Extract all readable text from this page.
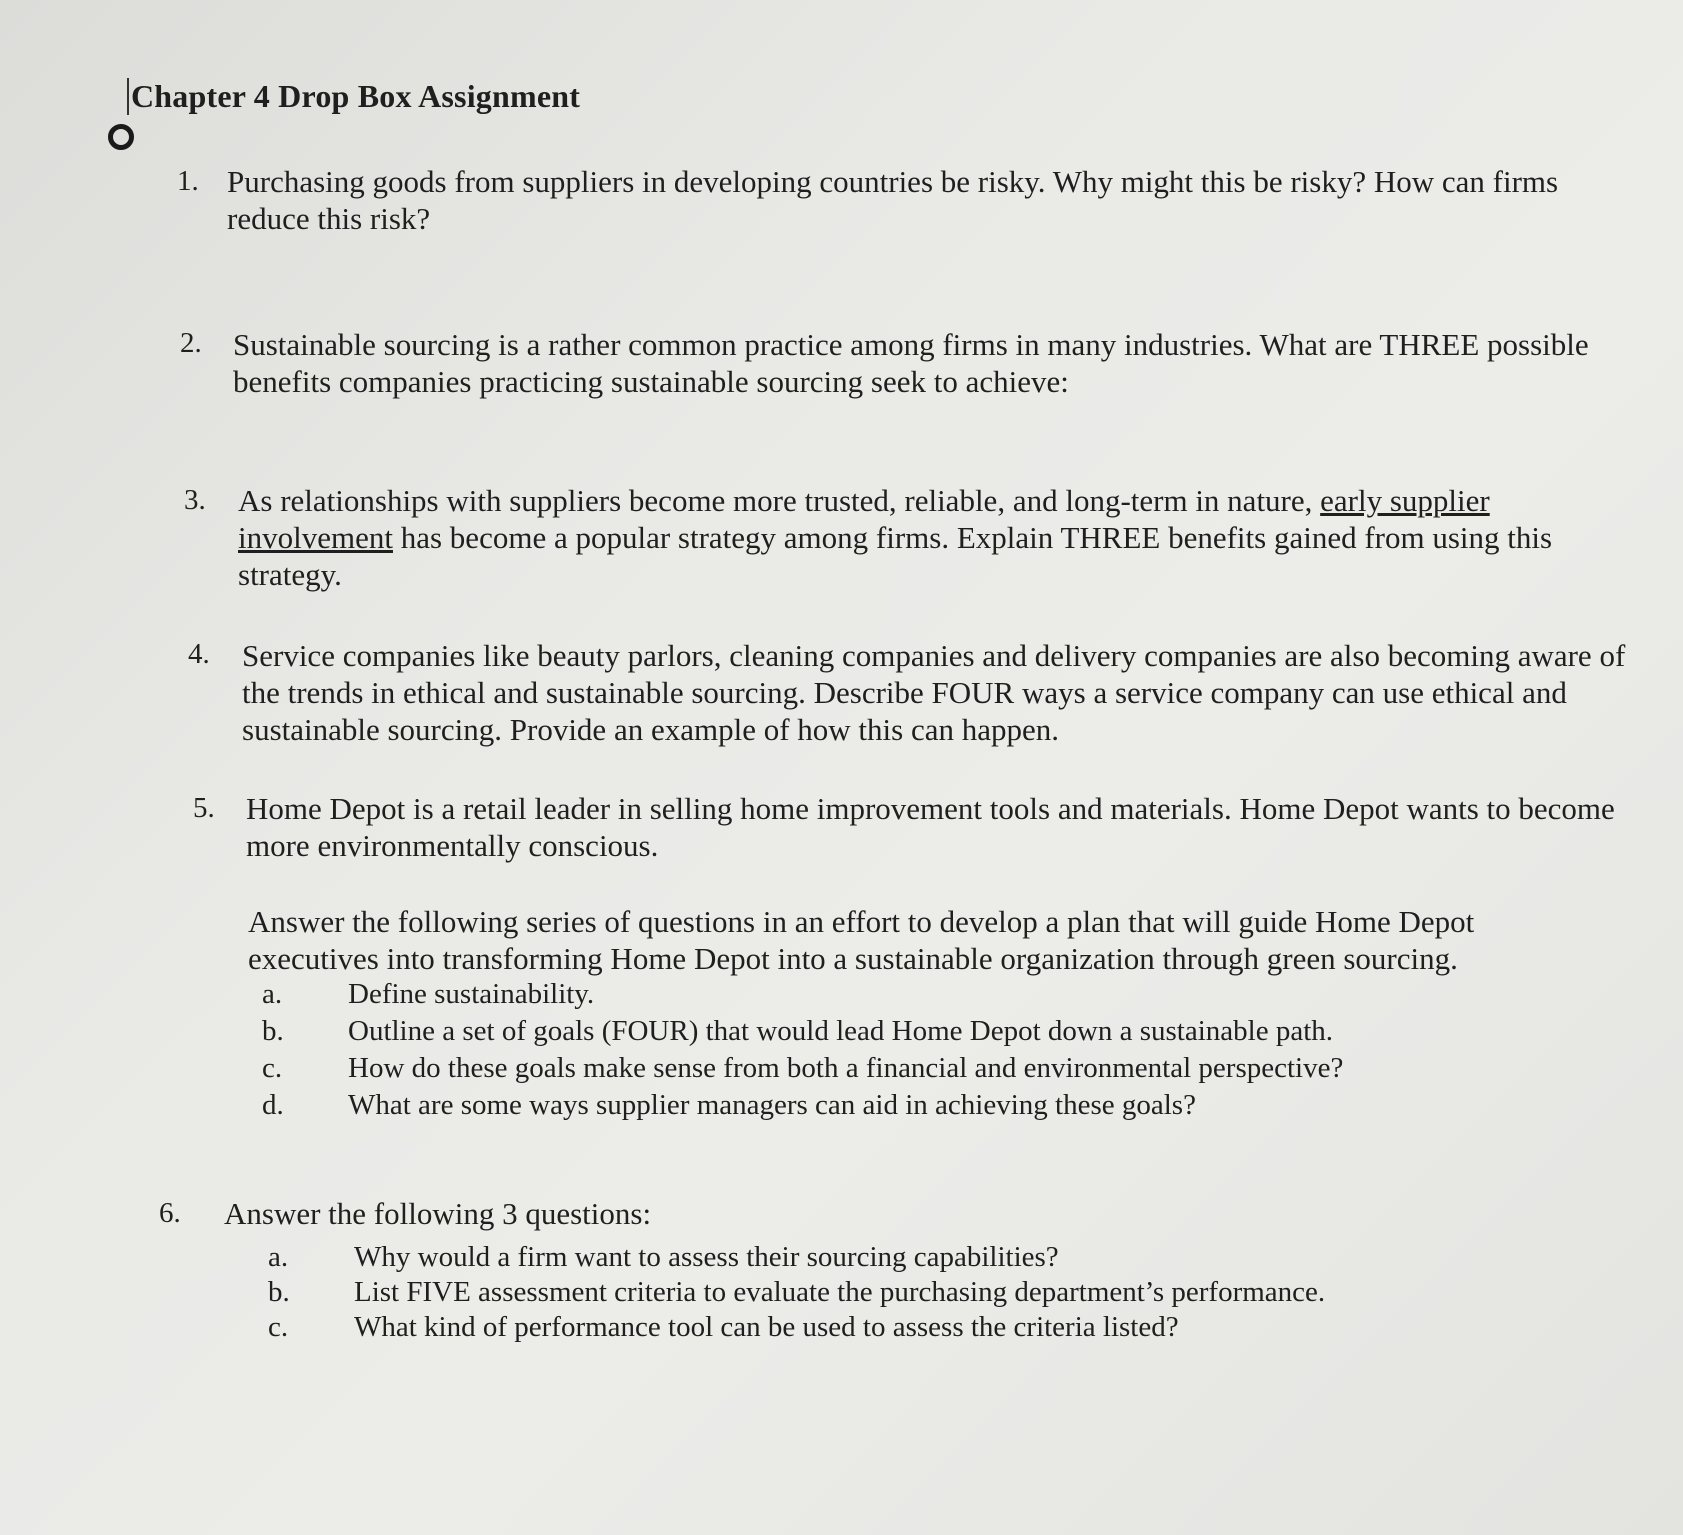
Chapter 4 Drop Box Assignment
1. Purchasing goods from suppliers in developing countries be risky. Why might this be risky? How can firms reduce this risk?
2. Sustainable sourcing is a rather common practice among firms in many industries. What are THREE possible benefits companies practicing sustainable sourcing seek to achieve:
3. As relationships with suppliers become more trusted, reliable, and long-term in nature, early supplier involvement has become a popular strategy among firms. Explain THREE benefits gained from using this strategy.
4. Service companies like beauty parlors, cleaning companies and delivery companies are also becoming aware of the trends in ethical and sustainable sourcing. Describe FOUR ways a service company can use ethical and sustainable sourcing. Provide an example of how this can happen.
5. Home Depot is a retail leader in selling home improvement tools and materials. Home Depot wants to become more environmentally conscious.
Answer the following series of questions in an effort to develop a plan that will guide Home Depot executives into transforming Home Depot into a sustainable organization through green sourcing.
a. Define sustainability.
b. Outline a set of goals (FOUR) that would lead Home Depot down a sustainable path.
c. How do these goals make sense from both a financial and environmental perspective?
d. What are some ways supplier managers can aid in achieving these goals?
6. Answer the following 3 questions:
a. Why would a firm want to assess their sourcing capabilities?
b. List FIVE assessment criteria to evaluate the purchasing department’s performance.
c. What kind of performance tool can be used to assess the criteria listed?
